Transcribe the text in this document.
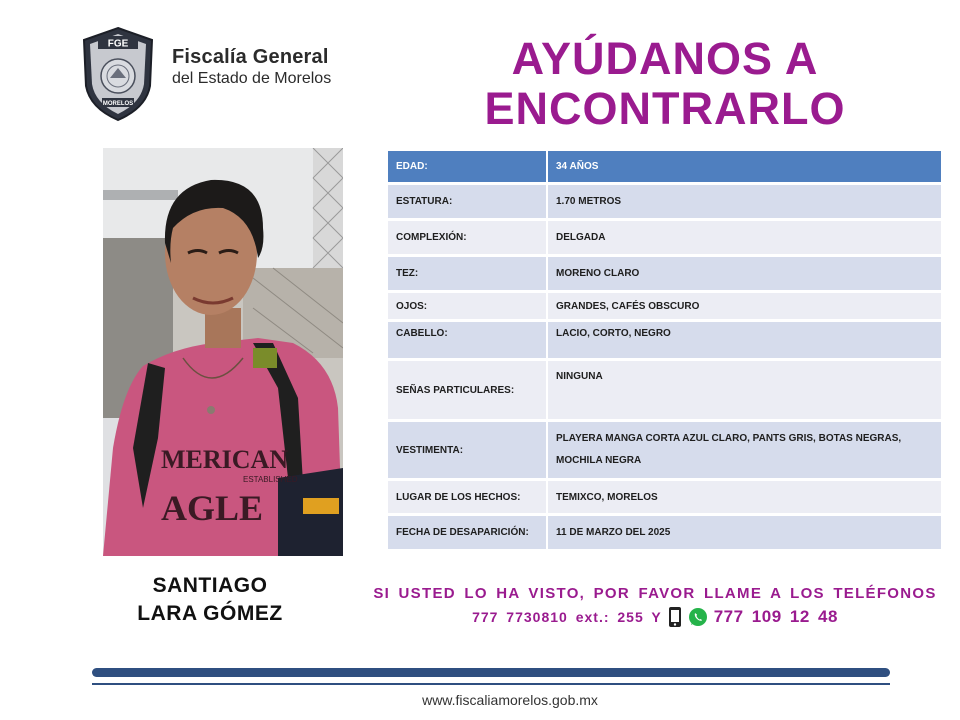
FGE
MORELOS
Fiscalía General
del Estado de Morelos	AYÚDANOS A
ENCONTRARLO
MERICAN
ESTABLISHED
AGLE
SANTIAGO
LARA GÓMEZ
EDAD:	34 AÑOS
ESTATURA:	1.70 METROS
COMPLEXIÓN:	DELGADA
TEZ:	MORENO CLARO
OJOS:	GRANDES, CAFÉS OBSCURO
CABELLO:	LACIO, CORTO, NEGRO
SEÑAS PARTICULARES:	NINGUNA
VESTIMENTA:	PLAYERA MANGA CORTA AZUL CLARO, PANTS GRIS, BOTAS NEGRAS,
MOCHILA NEGRA

LUGAR DE LOS HECHOS:	TEMIXCO, MORELOS
FECHA DE DESAPARICIÓN:	11 DE MARZO DEL 2025
SI USTED LO HA VISTO, POR FAVOR LLAME A LOS TELÉFONOS
777 7730810 ext.: 255 Y	777 109 12 48
www.fiscaliamorelos.gob.mx
